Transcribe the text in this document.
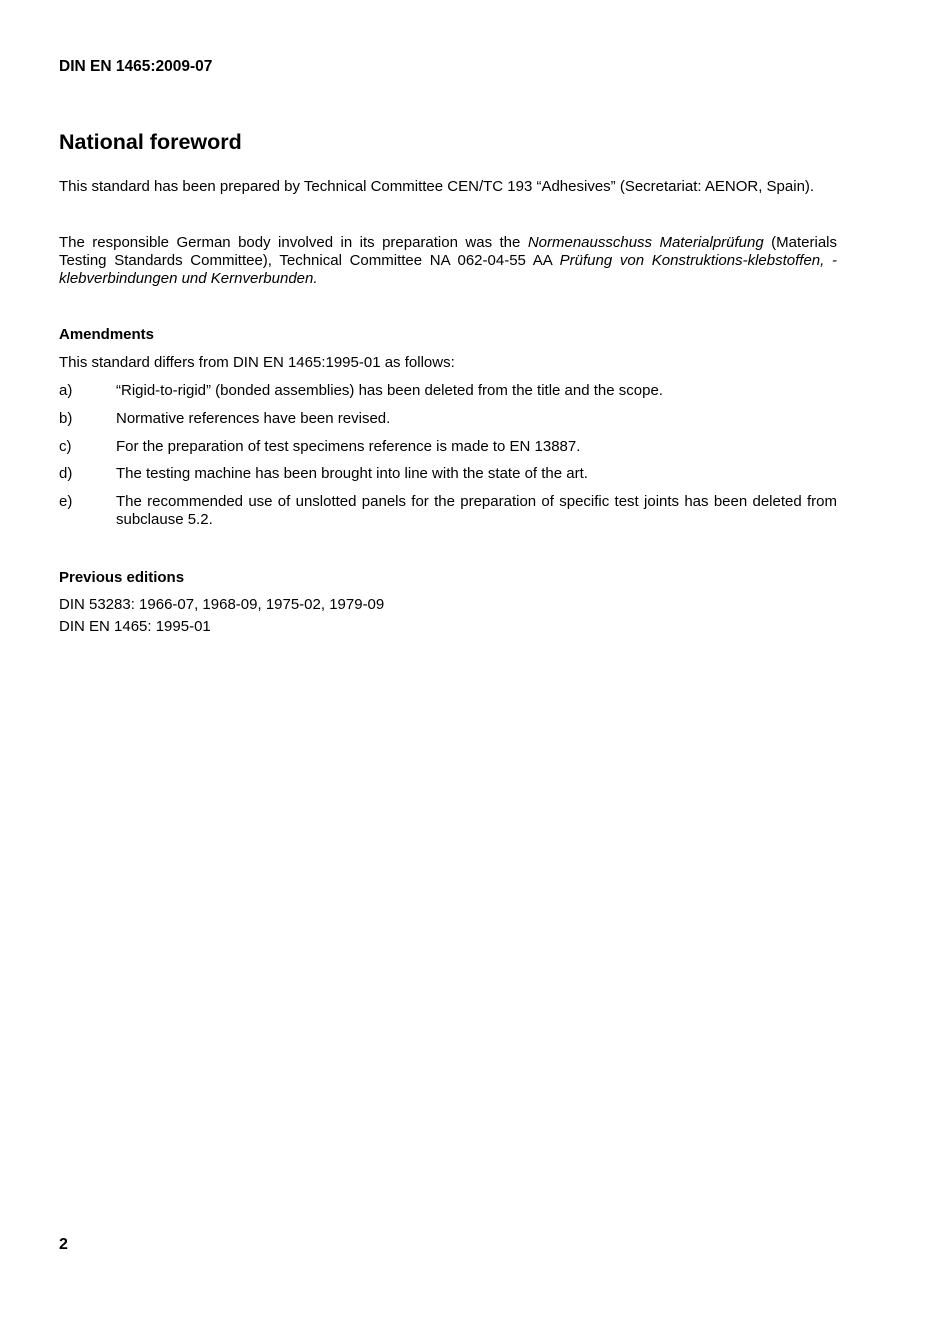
DIN EN 1465:2009-07
National foreword
This standard has been prepared by Technical Committee CEN/TC 193 “Adhesives” (Secretariat: AENOR, Spain).
The responsible German body involved in its preparation was the Normenausschuss Materialprüfung (Materials Testing Standards Committee), Technical Committee NA 062-04-55 AA Prüfung von Konstruktions-klebstoffen, -klebverbindungen und Kernverbunden.
Amendments
This standard differs from DIN EN 1465:1995-01 as follows:
a)	“Rigid-to-rigid” (bonded assemblies) has been deleted from the title and the scope.
b)	Normative references have been revised.
c)	For the preparation of test specimens reference is made to EN 13887.
d)	The testing machine has been brought into line with the state of the art.
e)	The recommended use of unslotted panels for the preparation of specific test joints has been deleted from subclause 5.2.
Previous editions
DIN 53283: 1966-07, 1968-09, 1975-02, 1979-09
DIN EN 1465: 1995-01
2
